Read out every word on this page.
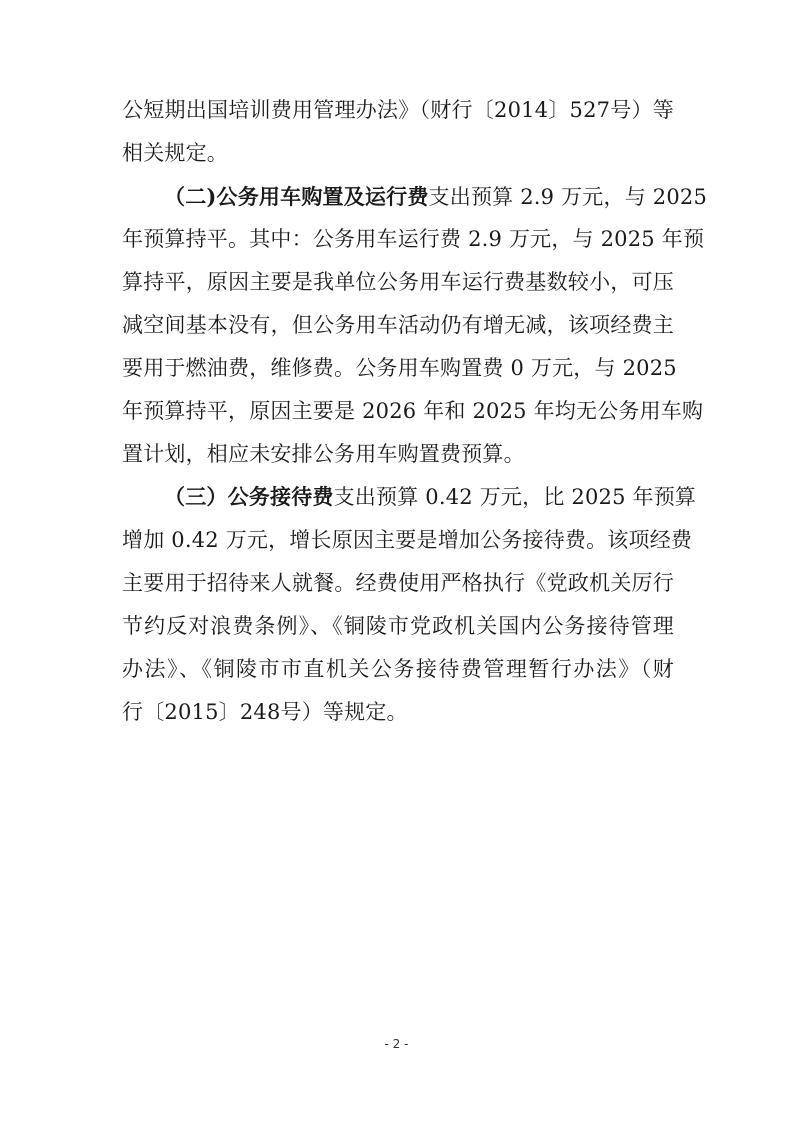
公短期出国培训费用管理办法》（财行〔2014〕527号）等
相关规定。
（二)公务用车购置及运行费支出预算 2.9 万元，与 2025
年预算持平。其中：公务用车运行费 2.9 万元，与 2025 年预
算持平，原因主要是我单位公务用车运行费基数较小，可压
减空间基本没有，但公务用车活动仍有增无减，该项经费主
要用于燃油费，维修费。公务用车购置费 0 万元，与 2025
年预算持平，原因主要是 2026 年和 2025 年均无公务用车购
置计划，相应未安排公务用车购置费预算。
（三）公务接待费支出预算 0.42 万元，比 2025 年预算
增加 0.42 万元，增长原因主要是增加公务接待费。该项经费
主要用于招待来人就餐。经费使用严格执行《党政机关厉行
节约反对浪费条例》、《铜陵市党政机关国内公务接待管理
办法》、《铜陵市市直机关公务接待费管理暂行办法》（财
行〔2015〕248号）等规定。
- 2 -
